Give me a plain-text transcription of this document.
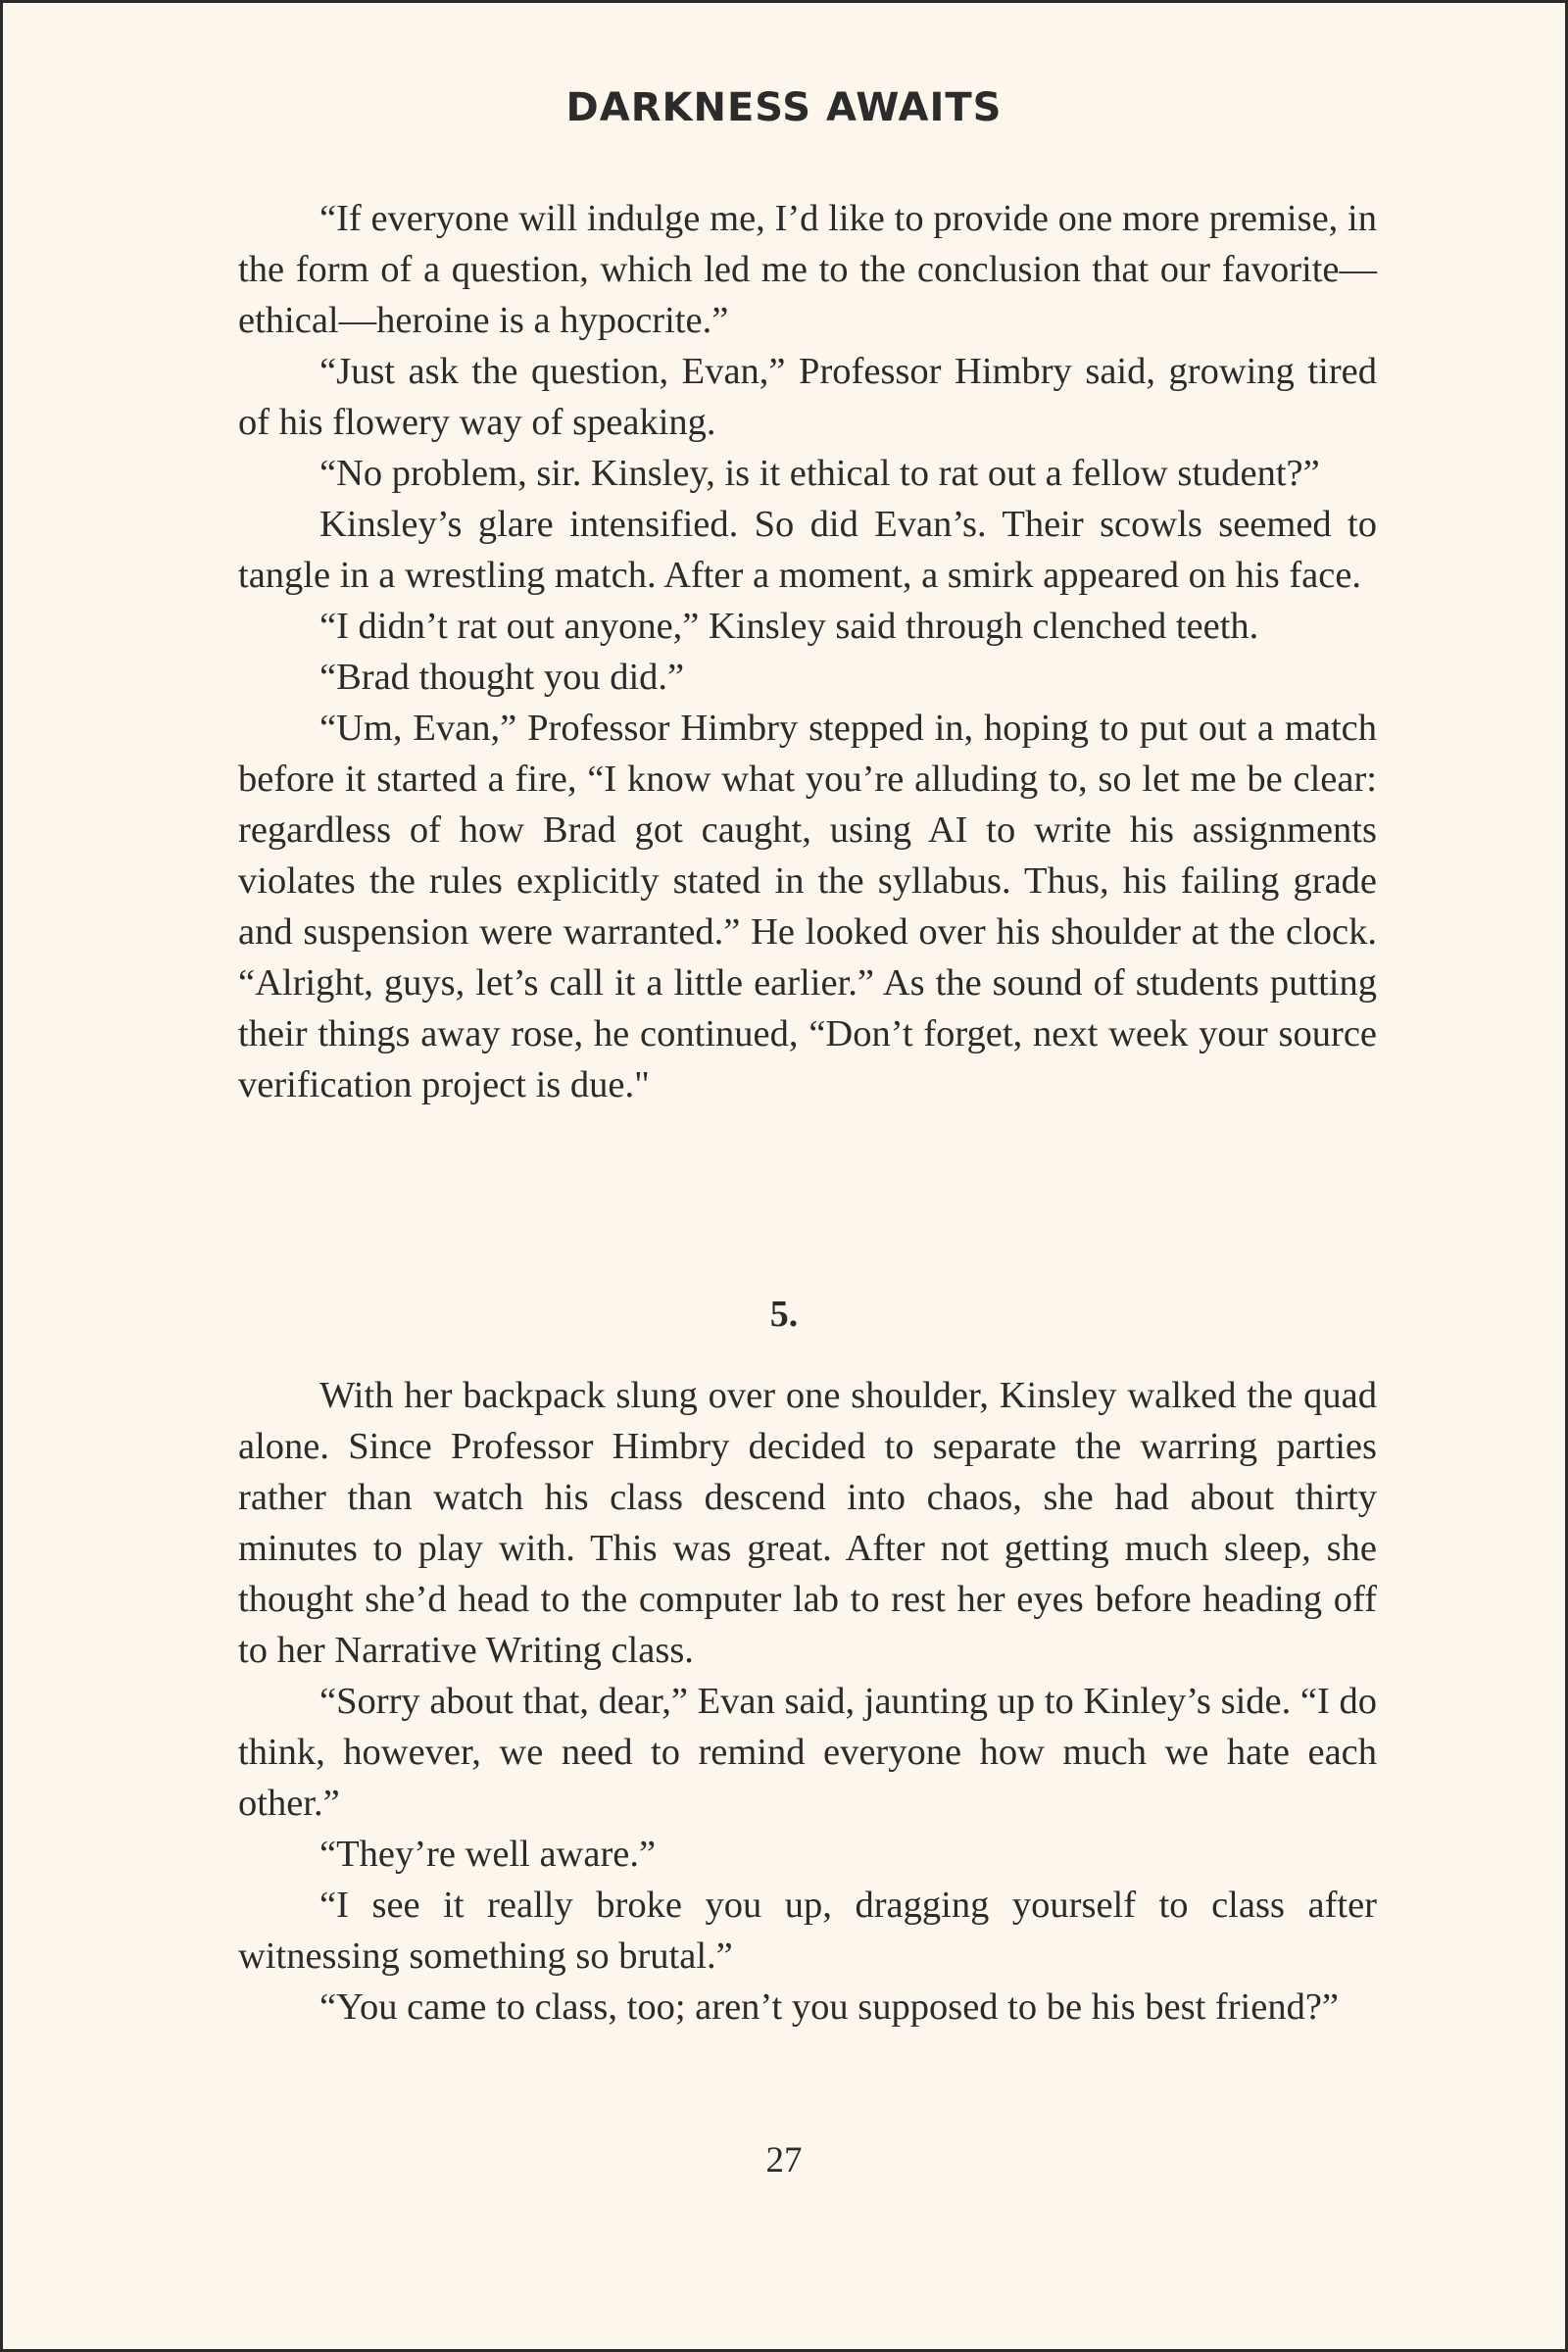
DARKNESS AWAITS

“If everyone will indulge me, I’d like to provide one more premise, in the form of a question, which led me to the conclusion that our favorite—ethical—heroine is a hypocrite.”

“Just ask the question, Evan,” Professor Himbry said, growing tired of his flowery way of speaking.

“No problem, sir. Kinsley, is it ethical to rat out a fellow student?”

Kinsley’s glare intensified. So did Evan’s. Their scowls seemed to tangle in a wrestling match. After a moment, a smirk appeared on his face.

“I didn’t rat out anyone,” Kinsley said through clenched teeth.

“Brad thought you did.”

“Um, Evan,” Professor Himbry stepped in, hoping to put out a match before it started a fire, “I know what you’re alluding to, so let me be clear: regardless of how Brad got caught, using AI to write his assignments violates the rules explicitly stated in the syllabus. Thus, his failing grade and suspension were warranted.” He looked over his shoulder at the clock. “Alright, guys, let’s call it a little earlier.” As the sound of students putting their things away rose, he continued, “Don’t forget, next week your source verification project is due."

5.

With her backpack slung over one shoulder, Kinsley walked the quad alone. Since Professor Himbry decided to separate the warring parties rather than watch his class descend into chaos, she had about thirty minutes to play with. This was great. After not getting much sleep, she thought she’d head to the computer lab to rest her eyes before heading off to her Narrative Writing class.

“Sorry about that, dear,” Evan said, jaunting up to Kinley’s side. “I do think, however, we need to remind everyone how much we hate each other.”

“They’re well aware.”

“I see it really broke you up, dragging yourself to class after witnessing something so brutal.”

“You came to class, too; aren’t you supposed to be his best friend?”

27
